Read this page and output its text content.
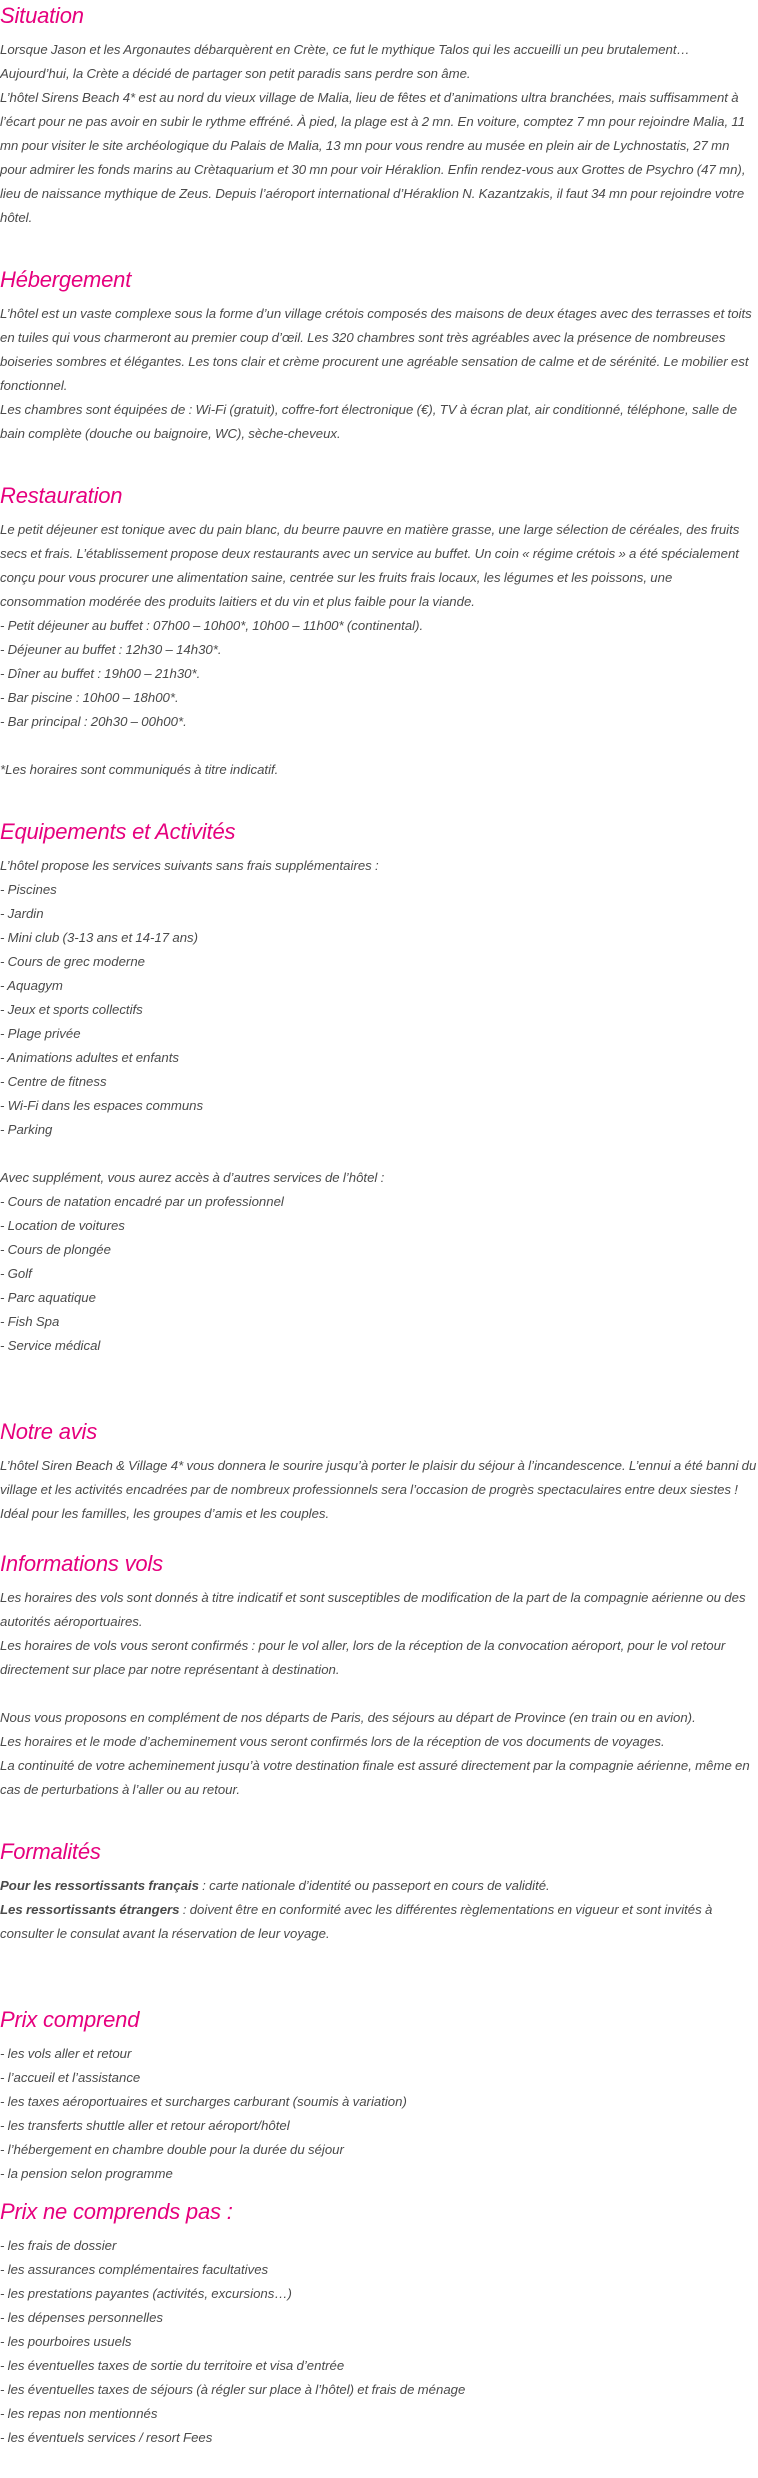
Situation

Lorsque Jason et les Argonautes débarquèrent en Crète, ce fut le mythique Talos qui les accueilli un peu brutalement… Aujourd’hui, la Crète a décidé de partager son petit paradis sans perdre son âme.

L’hôtel Sirens Beach 4* est au nord du vieux village de Malia, lieu de fêtes et d’animations ultra branchées, mais suffisamment à l’écart pour ne pas avoir en subir le rythme effréné. À pied, la plage est à 2 mn. En voiture, comptez 7 mn pour rejoindre Malia, 11 mn pour visiter le site archéologique du Palais de Malia, 13 mn pour vous rendre au musée en plein air de Lychnostatis, 27 mn pour admirer les fonds marins au Crètaquarium et 30 mn pour voir Héraklion. Enfin rendez-vous aux Grottes de Psychro (47 mn), lieu de naissance mythique de Zeus. Depuis l’aéroport international d’Héraklion N. Kazantzakis, il faut 34 mn pour rejoindre votre hôtel.

Hébergement

L’hôtel est un vaste complexe sous la forme d’un village crétois composés des maisons de deux étages avec des terrasses et toits en tuiles qui vous charmeront au premier coup d’œil. Les 320 chambres sont très agréables avec la présence de nombreuses boiseries sombres et élégantes. Les tons clair et crème procurent une agréable sensation de calme et de sérénité. Le mobilier est fonctionnel.

Les chambres sont équipées de : Wi-Fi (gratuit), coffre-fort électronique (€), TV à écran plat, air conditionné, téléphone, salle de bain complète (douche ou baignoire, WC), sèche-cheveux.

Restauration

Le petit déjeuner est tonique avec du pain blanc, du beurre pauvre en matière grasse, une large sélection de céréales, des fruits secs et frais. L’établissement propose deux restaurants avec un service au buffet. Un coin « régime crétois » a été spécialement conçu pour vous procurer une alimentation saine, centrée sur les fruits frais locaux, les légumes et les poissons, une consommation modérée des produits laitiers et du vin et plus faible pour la viande.

- Petit déjeuner au buffet : 07h00 – 10h00*, 10h00 – 11h00* (continental).
- Déjeuner au buffet : 12h30 – 14h30*.
- Dîner au buffet : 19h00 – 21h30*.
- Bar piscine : 10h00 – 18h00*.
- Bar principal : 20h30 – 00h00*.
*Les horaires sont communiqués à titre indicatif.
Equipements et Activités
L’hôtel propose les services suivants sans frais supplémentaires :
- Piscines
- Jardin
- Mini club (3-13 ans et 14-17 ans)
- Cours de grec moderne
- Aquagym
- Jeux et sports collectifs
- Plage privée
- Animations adultes et enfants
- Centre de fitness
- Wi-Fi dans les espaces communs
- Parking
Avec supplément, vous aurez accès à d’autres services de l’hôtel :
- Cours de natation encadré par un professionnel
- Location de voitures
- Cours de plongée
- Golf
- Parc aquatique
- Fish Spa
- Service médical
Notre avis

L’hôtel Siren Beach & Village 4* vous donnera le sourire jusqu’à porter le plaisir du séjour à l’incandescence. L’ennui a été banni du village et les activités encadrées par de nombreux professionnels sera l’occasion de progrès spectaculaires entre deux siestes ! Idéal pour les familles, les groupes d’amis et les couples.

Informations vols

Les horaires des vols sont donnés à titre indicatif et sont susceptibles de modification de la part de la compagnie aérienne ou des autorités aéroportuaires.

Les horaires de vols vous seront confirmés : pour le vol aller, lors de la réception de la convocation aéroport, pour le vol retour directement sur place par notre représentant à destination.

Nous vous proposons en complément de nos départs de Paris, des séjours au départ de Province (en train ou en avion).

Les horaires et le mode d’acheminement vous seront confirmés lors de la réception de vos documents de voyages.

La continuité de votre acheminement jusqu’à votre destination finale est assuré directement par la compagnie aérienne, même en cas de perturbations à l’aller ou au retour.

Formalités

Pour les ressortissants français : carte nationale d’identité ou passeport en cours de validité.

Les ressortissants étrangers : doivent être en conformité avec les différentes règlementations en vigueur et sont invités à consulter le consulat avant la réservation de leur voyage.

Prix comprend
- les vols aller et retour
- l’accueil et l’assistance
- les taxes aéroportuaires et surcharges carburant (soumis à variation)
- les transferts shuttle aller et retour aéroport/hôtel
- l’hébergement en chambre double pour la durée du séjour
- la pension selon programme
Prix ne comprends pas :
- les frais de dossier
- les assurances complémentaires facultatives
- les prestations payantes (activités, excursions…)
- les dépenses personnelles
- les pourboires usuels
- les éventuelles taxes de sortie du territoire et visa d’entrée
- les éventuelles taxes de séjours (à régler sur place à l’hôtel) et frais de ménage
- les repas non mentionnés
- les éventuels services / resort Fees
